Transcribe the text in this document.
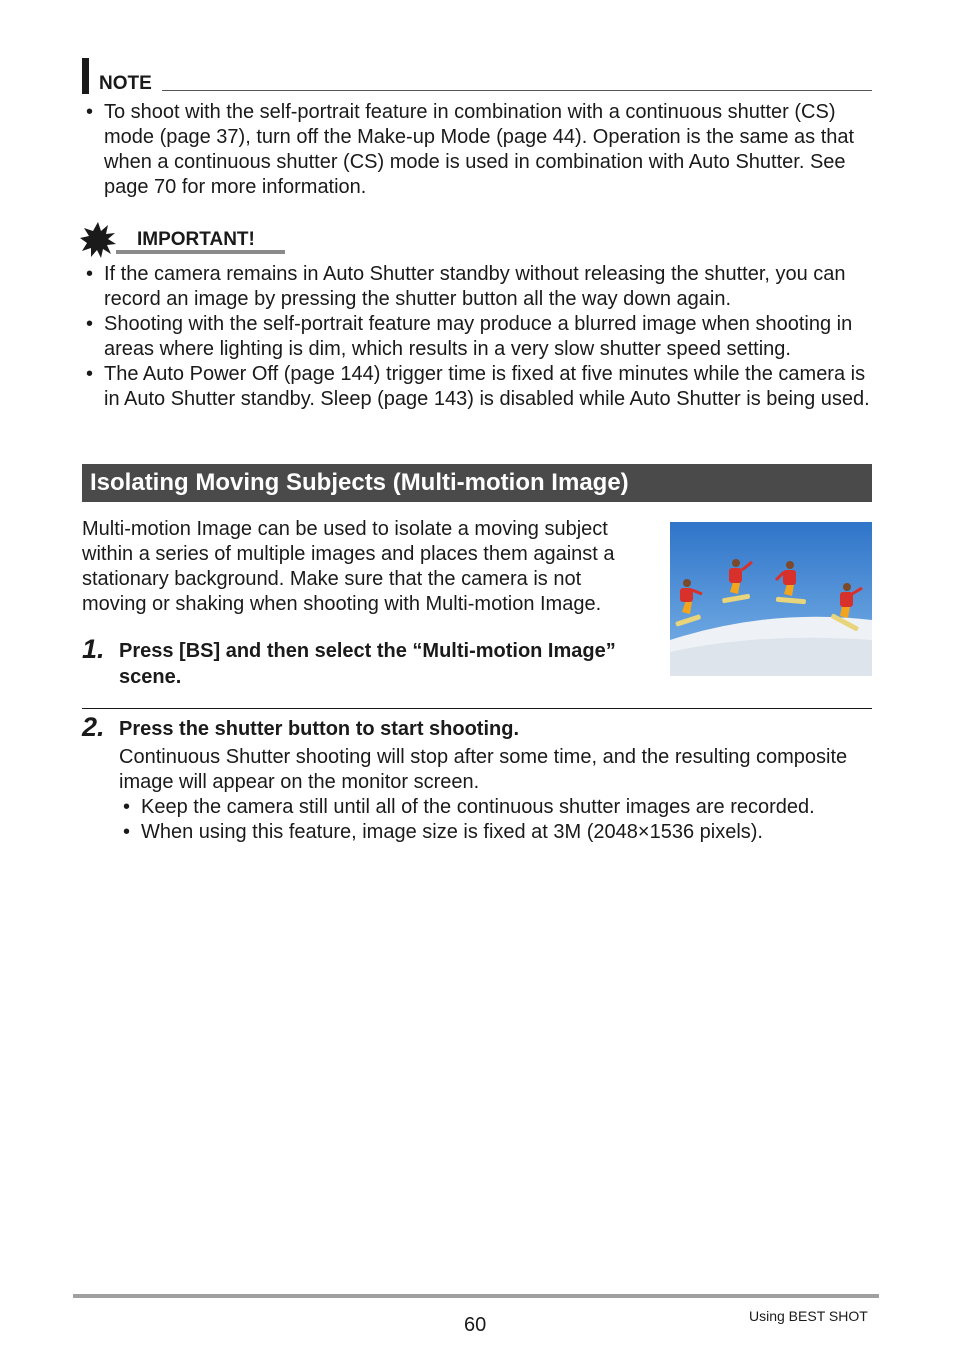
NOTE
• To shoot with the self-portrait feature in combination with a continuous shutter (CS) mode (page 37), turn off the Make-up Mode (page 44). Operation is the same as that when a continuous shutter (CS) mode is used in combination with Auto Shutter. See page 70 for more information.
IMPORTANT!
• If the camera remains in Auto Shutter standby without releasing the shutter, you can record an image by pressing the shutter button all the way down again.
• Shooting with the self-portrait feature may produce a blurred image when shooting in areas where lighting is dim, which results in a very slow shutter speed setting.
• The Auto Power Off (page 144) trigger time is fixed at five minutes while the camera is in Auto Shutter standby. Sleep (page 143) is disabled while Auto Shutter is being used.
Isolating Moving Subjects (Multi-motion Image)
Multi-motion Image can be used to isolate a moving subject within a series of multiple images and places them against a stationary background. Make sure that the camera is not moving or shaking when shooting with Multi-motion Image.
1. Press [BS] and then select the “Multi-motion Image” scene.
2. Press the shutter button to start shooting.
Continuous Shutter shooting will stop after some time, and the resulting composite image will appear on the monitor screen.
• Keep the camera still until all of the continuous shutter images are recorded.
• When using this feature, image size is fixed at 3M (2048×1536 pixels).
60	Using BEST SHOT
